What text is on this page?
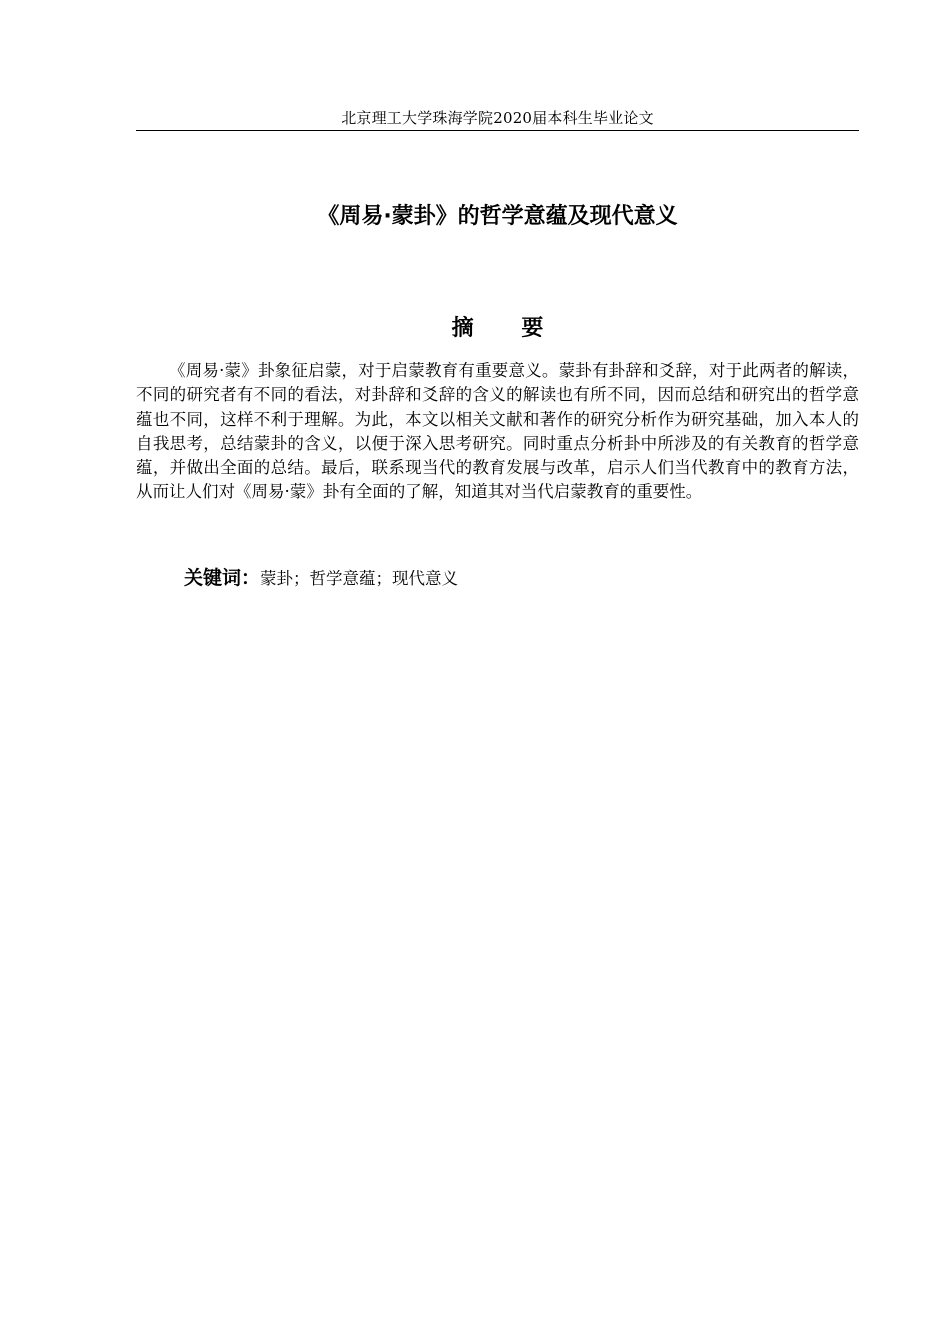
北京理工大学珠海学院2020届本科生毕业论文
《周易·蒙卦》的哲学意蕴及现代意义
摘 要

《周易·蒙》卦象征启蒙，对于启蒙教育有重要意义。蒙卦有卦辞和爻辞，对于此两者的解读，不同的研究者有不同的看法，对卦辞和爻辞的含义的解读也有所不同，因而总结和研究出的哲学意蕴也不同，这样不利于理解。为此，本文以相关文献和著作的研究分析作为研究基础，加入本人的自我思考，总结蒙卦的含义，以便于深入思考研究。同时重点分析卦中所涉及的有关教育的哲学意蕴，并做出全面的总结。最后，联系现当代的教育发展与改革，启示人们当代教育中的教育方法， 从而让人们对《周易·蒙》卦有全面的了解，知道其对当代启蒙教育的重要性。

关键词：蒙卦；哲学意蕴；现代意义
